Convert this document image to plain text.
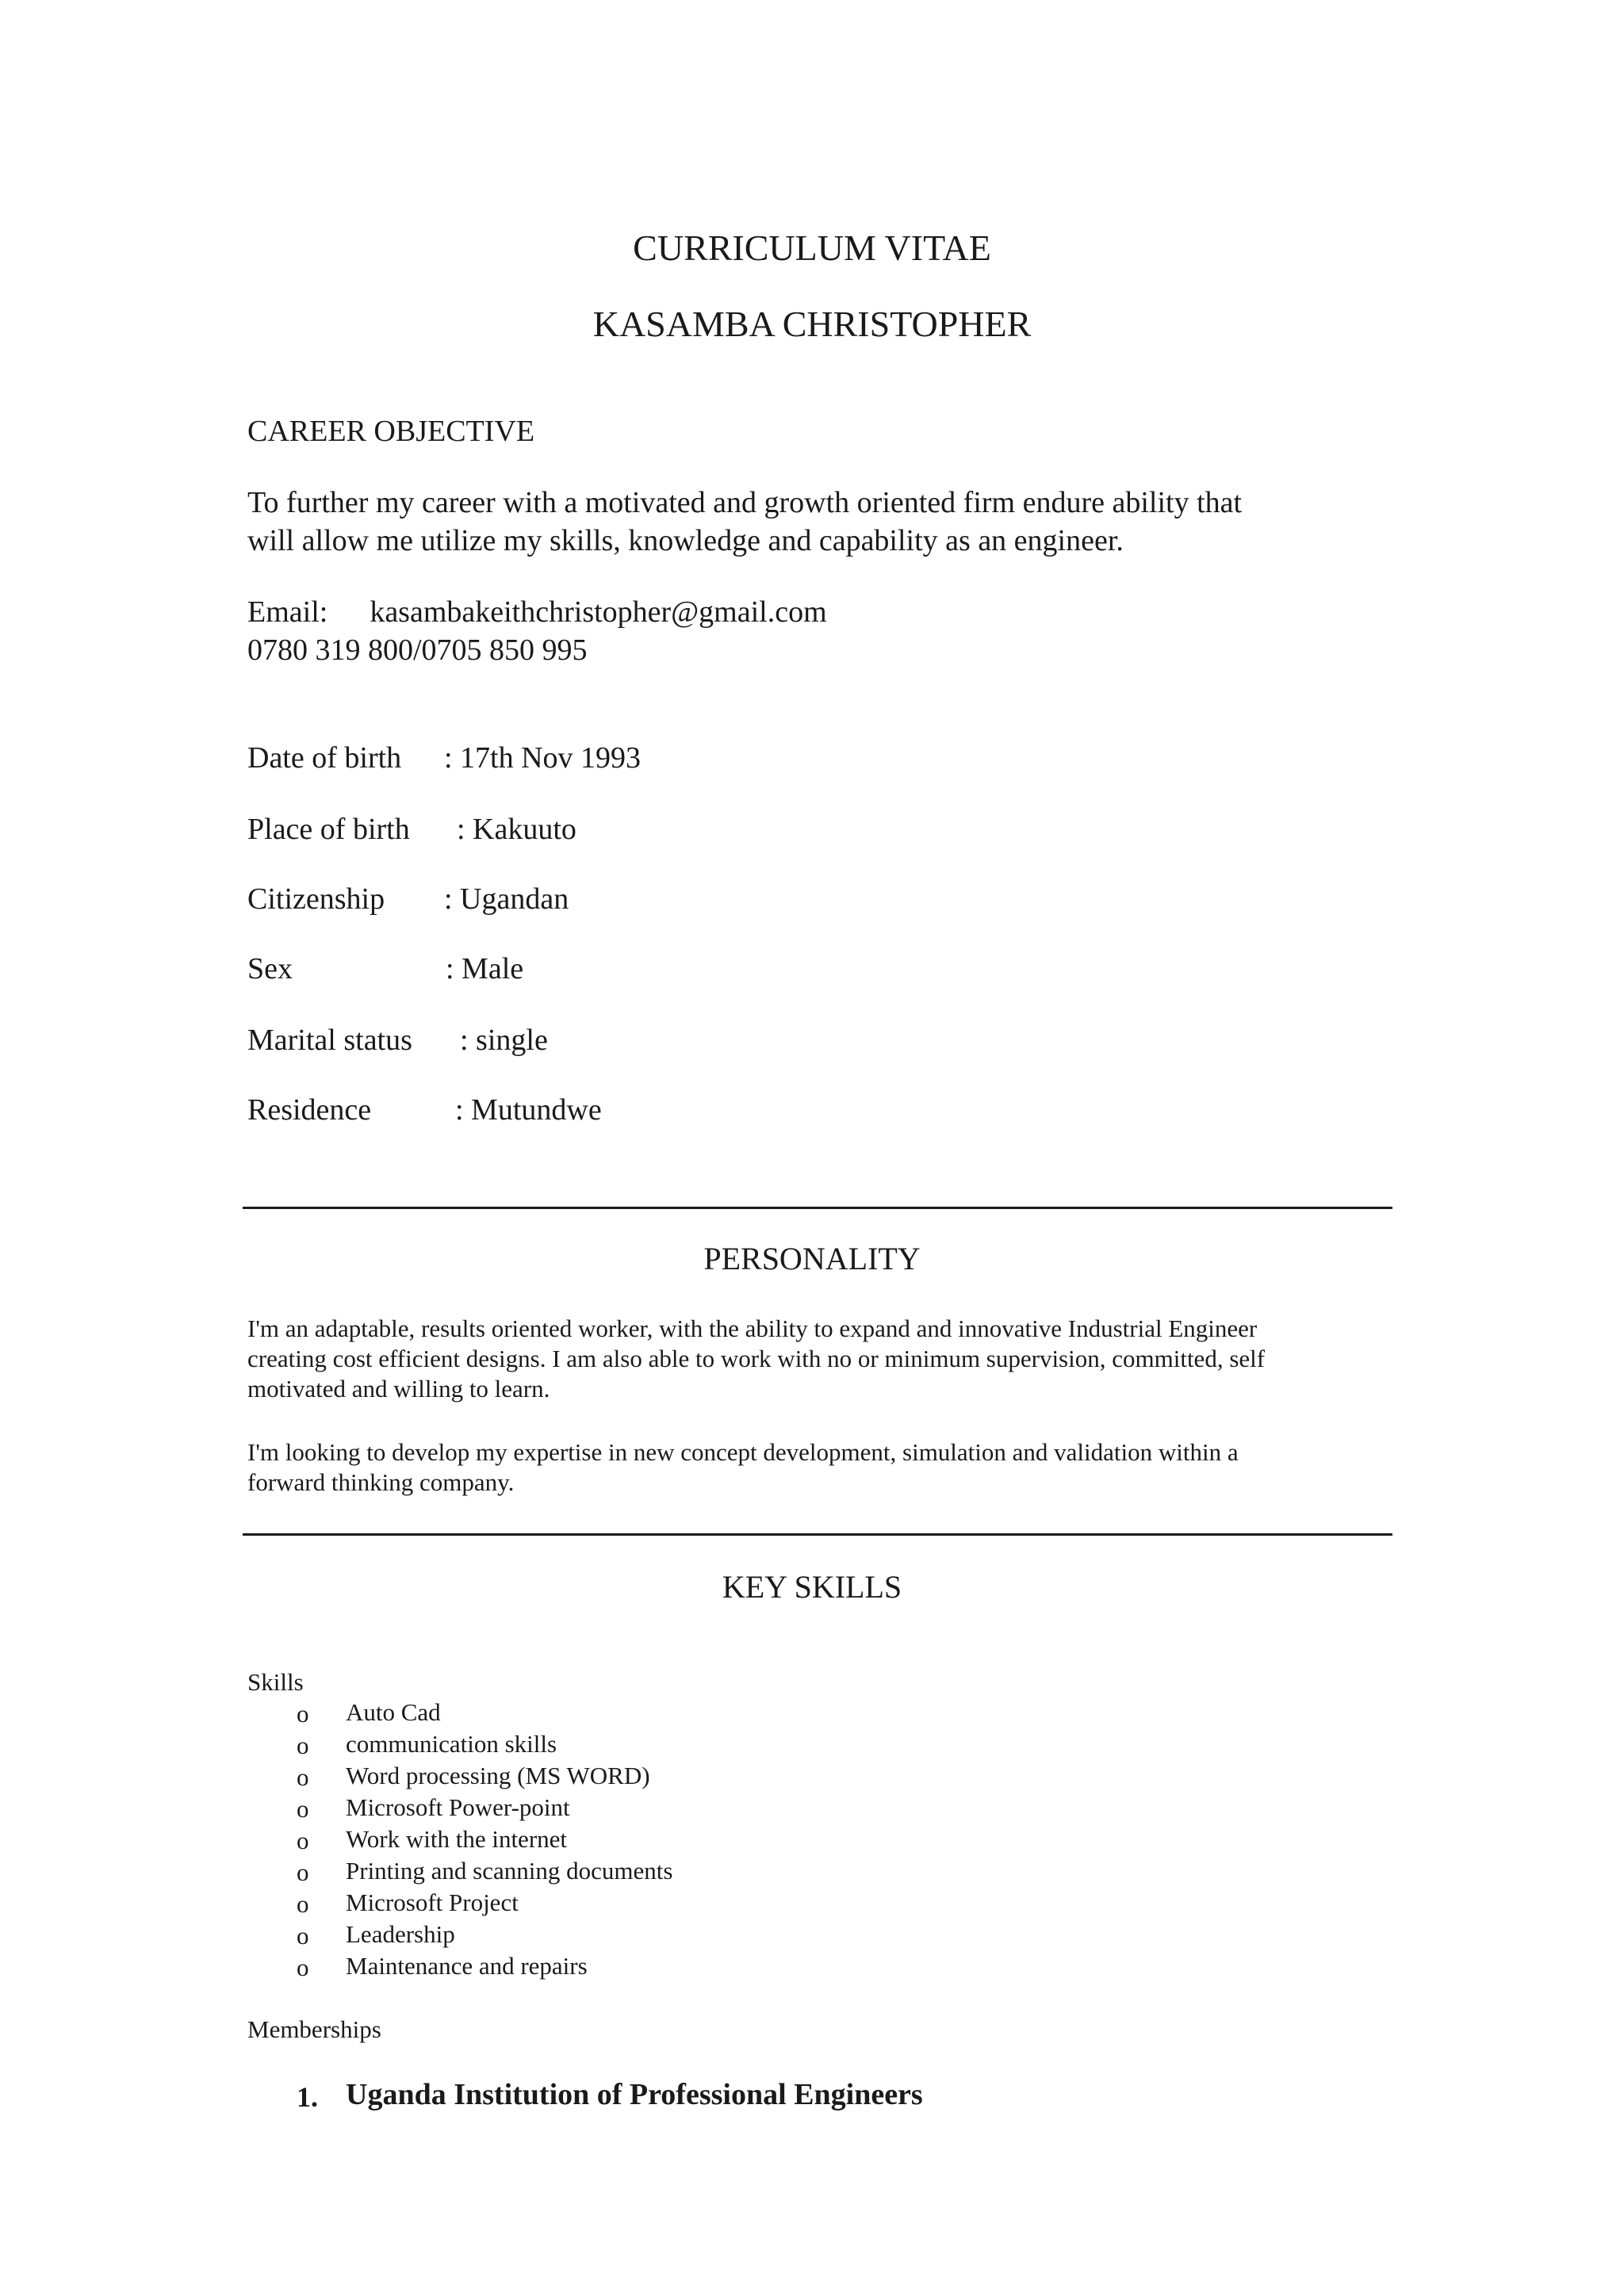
CURRICULUM VITAE
KASAMBA CHRISTOPHER
CAREER OBJECTIVE
To further my career with a motivated and growth oriented firm endure ability that
will allow me utilize my skills, knowledge and capability as an engineer.
Email: kasambakeithchristopher@gmail.com
0780 319 800/0705 850 995
Date of birth : 17th Nov 1993
Place of birth : Kakuuto
Citizenship : Ugandan
Sex	: Male
Marital status : single
Residence	: Mutundwe
PERSONALITY
I'm an adaptable, results oriented worker, with the ability to expand and innovative Industrial Engineer
creating cost efficient designs. I am also able to work with no or minimum supervision, committed, self
motivated and willing to learn.
I'm looking to develop my expertise in new concept development, simulation and validation within a
forward thinking company.
KEY SKILLS
Skills
o Auto Cad
o communication skills
o Word processing (MS WORD)
o Microsoft Power-point
o Work with the internet
o Printing and scanning documents
o Microsoft Project
o Leadership
o Maintenance and repairs
Memberships
1. Uganda Institution of Professional Engineers
